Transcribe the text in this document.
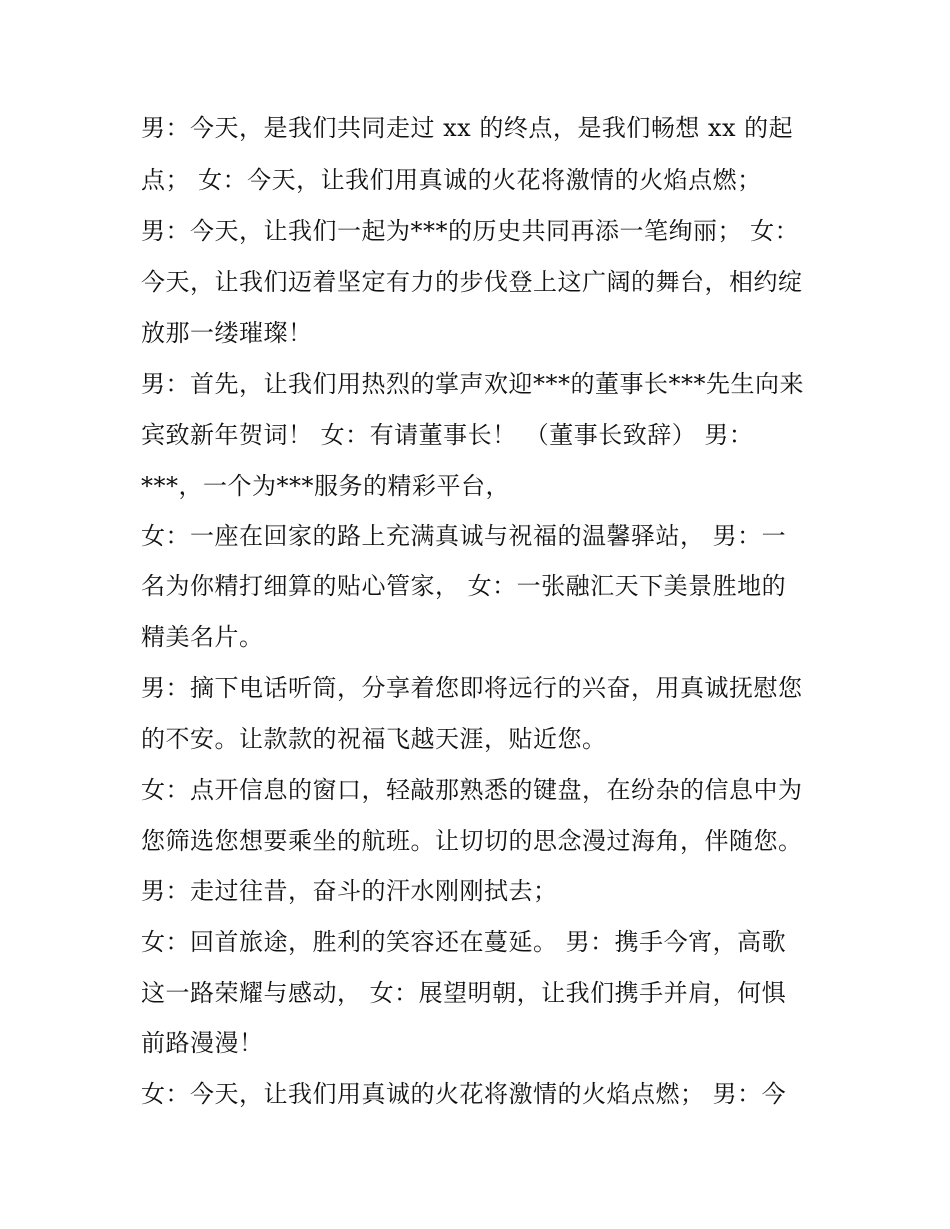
男：今天，是我们共同走过 xx 的终点，是我们畅想 xx 的起
点； 女：今天，让我们用真诚的火花将激情的火焰点燃；
男：今天，让我们一起为***的历史共同再添一笔绚丽； 女：
今天，让我们迈着坚定有力的步伐登上这广阔的舞台，相约绽
放那一缕璀璨！
男：首先，让我们用热烈的掌声欢迎***的董事长***先生向来
宾致新年贺词！ 女：有请董事长！ （董事长致辞） 男：
***，一个为***服务的精彩平台，
女：一座在回家的路上充满真诚与祝福的温馨驿站， 男：一
名为你精打细算的贴心管家， 女：一张融汇天下美景胜地的
精美名片。
男：摘下电话听筒，分享着您即将远行的兴奋，用真诚抚慰您
的不安。让款款的祝福飞越天涯，贴近您。
女：点开信息的窗口，轻敲那熟悉的键盘，在纷杂的信息中为
您筛选您想要乘坐的航班。让切切的思念漫过海角，伴随您。
男：走过往昔，奋斗的汗水刚刚拭去；
女：回首旅途，胜利的笑容还在蔓延。 男：携手今宵，高歌
这一路荣耀与感动， 女：展望明朝，让我们携手并肩，何惧
前路漫漫！
女：今天，让我们用真诚的火花将激情的火焰点燃； 男：今
